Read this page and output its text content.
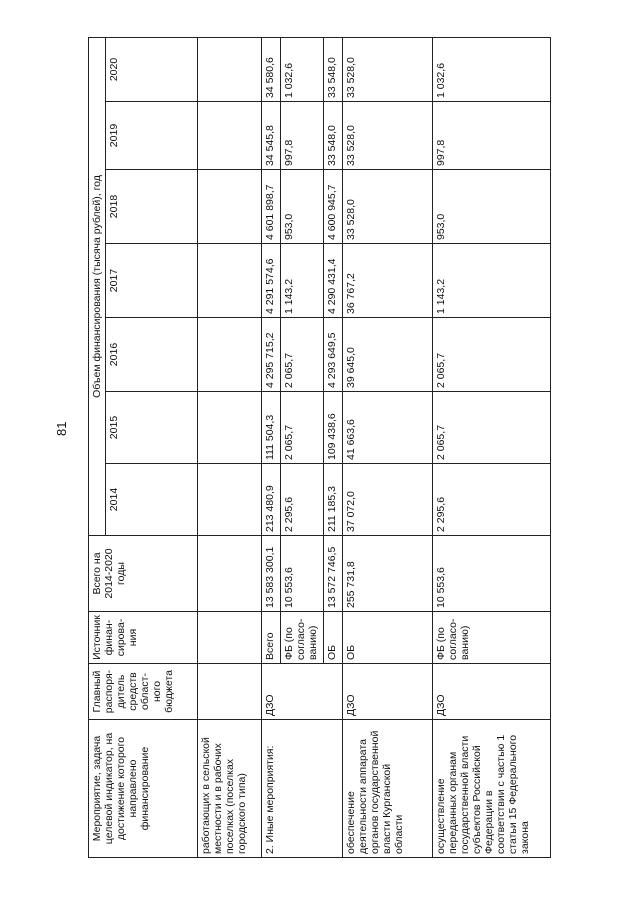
81
Мероприятие, задача целевой индикатор, на достижение которого направлено финансирование	Главный распоря-дитель средств област-ного бюджета	Источник финан-сирова-ния	Всего на 2014-2020 годы	Объем финансирования (тысяча рублей), год						
				2014	2015	2016	2017	2018	2019	2020
работающих в сельской местности и в рабочих поселках (поселках городского типа)										
2. Иные мероприятия:	ДЗО	Всего	13 583 300,1	213 480,9	111 504,3	4 295 715,2	4 291 574,6	4 601 898,7	34 545,8	34 580,6
		ФБ (по согласо-ванию)	10 553,6	2 295,6	2 065,7	2 065,7	1 143,2	953,0	997,8	1 032,6
		ОБ	13 572 746,5	211 185,3	109 438,6	4 293 649,5	4 290 431,4	4 600 945,7	33 548,0	33 548,0
обеспечение деятельности аппарата органов государственной власти Курганской области	ДЗО	ОБ	255 731,8	37 072,0	41 663,6	39 645,0	36 767,2	33 528,0	33 528,0	33 528,0
осуществление переданных органам государственной власти субъектов Российской Федерации в соответствии с частью 1 статьи 15 Федерального закона	ДЗО	ФБ (по согласо-ванию)	10 553,6	2 295,6	2 065,7	2 065,7	1 143,2	953,0	997,8	1 032,6
